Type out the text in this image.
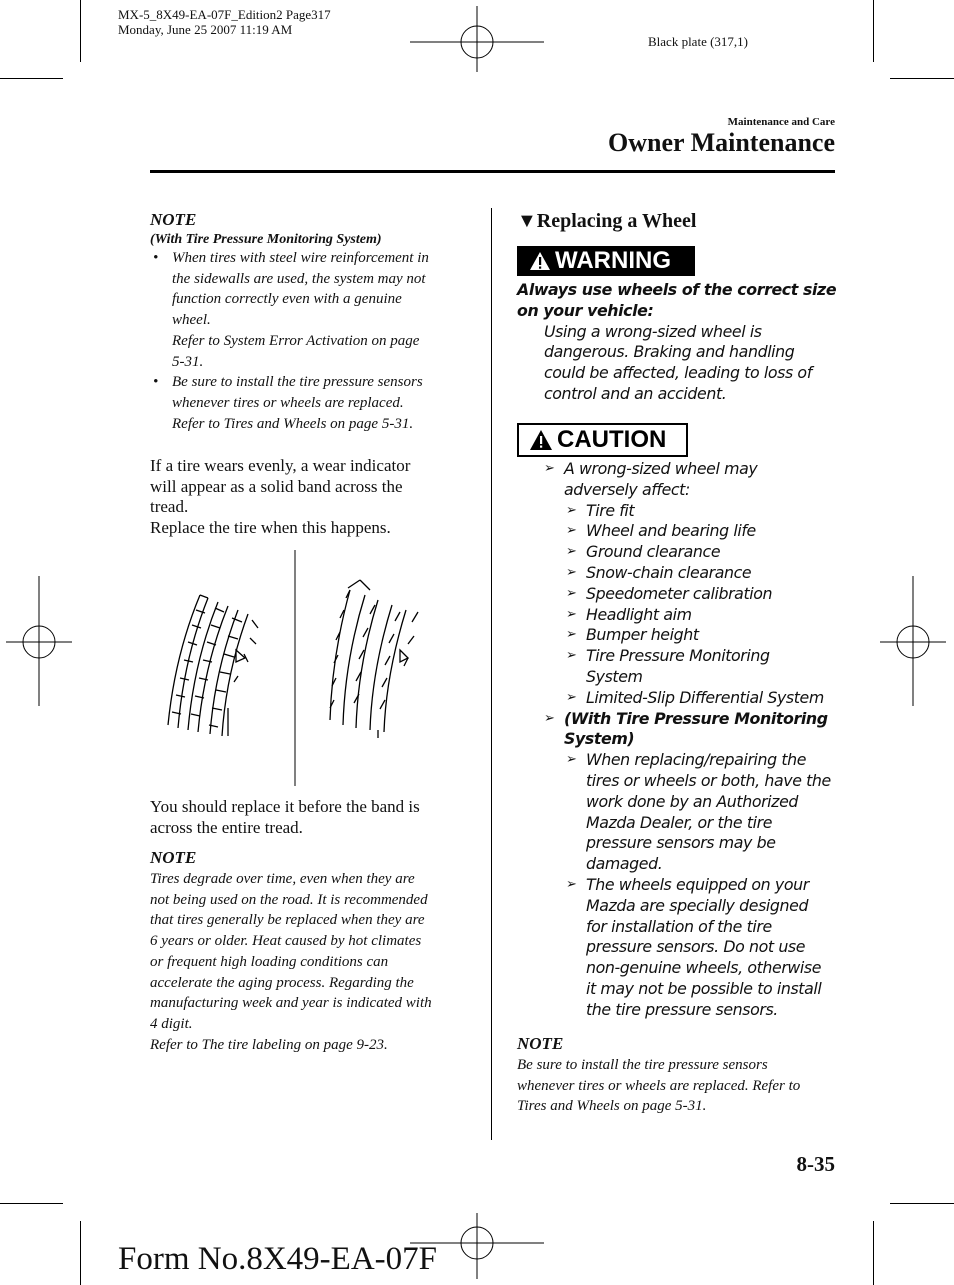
MX-5_8X49-EA-07F_Edition2 Page317
Monday, June 25 2007 11:19 AM
Black plate (317,1)
Maintenance and Care
Owner Maintenance
NOTE
(With Tire Pressure Monitoring System)
• When tires with steel wire reinforcement in
the sidewalls are used, the system may not
function correctly even with a genuine
wheel.
Refer to System Error Activation on page
5-31.
• Be sure to install the tire pressure sensors
whenever tires or wheels are replaced.
Refer to Tires and Wheels on page 5-31.
If a tire wears evenly, a wear indicator
will appear as a solid band across the
tread.
Replace the tire when this happens.
You should replace it before the band is
across the entire tread.
NOTE
Tires degrade over time, even when they are
not being used on the road. It is recommended
that tires generally be replaced when they are
6 years or older. Heat caused by hot climates
or frequent high loading conditions can
accelerate the aging process. Regarding the
manufacturing week and year is indicated with
4 digit.
Refer to The tire labeling on page 9-23.
▼Replacing a Wheel
WARNING
Always use wheels of the correct size
on your vehicle:
Using a wrong-sized wheel is
dangerous. Braking and handling
could be affected, leading to loss of
control and an accident.
CAUTION
➢ A wrong-sized wheel may
adversely affect:
➢ Tire fit
➢ Wheel and bearing life
➢ Ground clearance
➢ Snow-chain clearance
➢ Speedometer calibration
➢ Headlight aim
➢ Bumper height
➢ Tire Pressure Monitoring
System
➢ Limited-Slip Differential System
➢ (With Tire Pressure Monitoring
System)
➢ When replacing/repairing the
tires or wheels or both, have the
work done by an Authorized
Mazda Dealer, or the tire
pressure sensors may be
damaged.
➢ The wheels equipped on your
Mazda are specially designed
for installation of the tire
pressure sensors. Do not use
non-genuine wheels, otherwise
it may not be possible to install
the tire pressure sensors.
NOTE
Be sure to install the tire pressure sensors
whenever tires or wheels are replaced. Refer to
Tires and Wheels on page 5-31.
8-35
Form No.8X49-EA-07F
